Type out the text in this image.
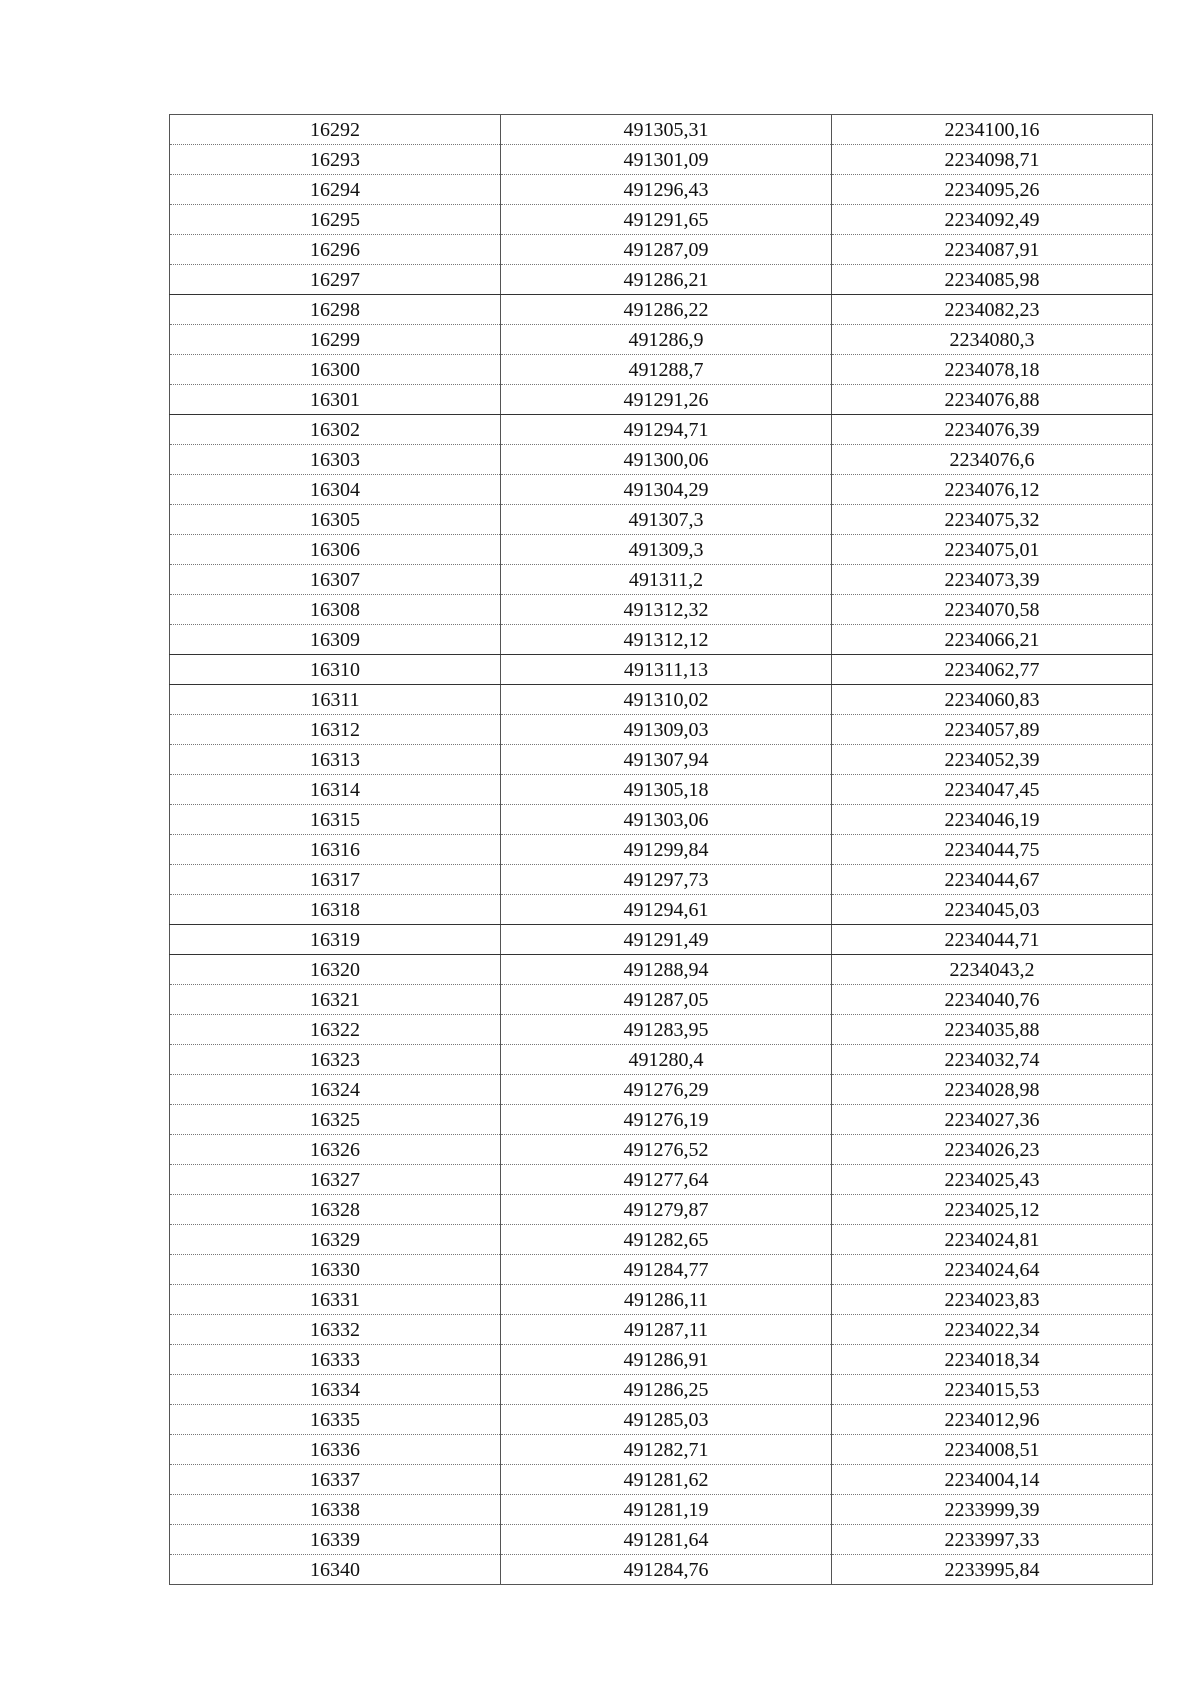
16292	491305,31	2234100,16
16293	491301,09	2234098,71
16294	491296,43	2234095,26
16295	491291,65	2234092,49
16296	491287,09	2234087,91
16297	491286,21	2234085,98
16298	491286,22	2234082,23
16299	491286,9	2234080,3
16300	491288,7	2234078,18
16301	491291,26	2234076,88
16302	491294,71	2234076,39
16303	491300,06	2234076,6
16304	491304,29	2234076,12
16305	491307,3	2234075,32
16306	491309,3	2234075,01
16307	491311,2	2234073,39
16308	491312,32	2234070,58
16309	491312,12	2234066,21
16310	491311,13	2234062,77
16311	491310,02	2234060,83
16312	491309,03	2234057,89
16313	491307,94	2234052,39
16314	491305,18	2234047,45
16315	491303,06	2234046,19
16316	491299,84	2234044,75
16317	491297,73	2234044,67
16318	491294,61	2234045,03
16319	491291,49	2234044,71
16320	491288,94	2234043,2
16321	491287,05	2234040,76
16322	491283,95	2234035,88
16323	491280,4	2234032,74
16324	491276,29	2234028,98
16325	491276,19	2234027,36
16326	491276,52	2234026,23
16327	491277,64	2234025,43
16328	491279,87	2234025,12
16329	491282,65	2234024,81
16330	491284,77	2234024,64
16331	491286,11	2234023,83
16332	491287,11	2234022,34
16333	491286,91	2234018,34
16334	491286,25	2234015,53
16335	491285,03	2234012,96
16336	491282,71	2234008,51
16337	491281,62	2234004,14
16338	491281,19	2233999,39
16339	491281,64	2233997,33
16340	491284,76	2233995,84
